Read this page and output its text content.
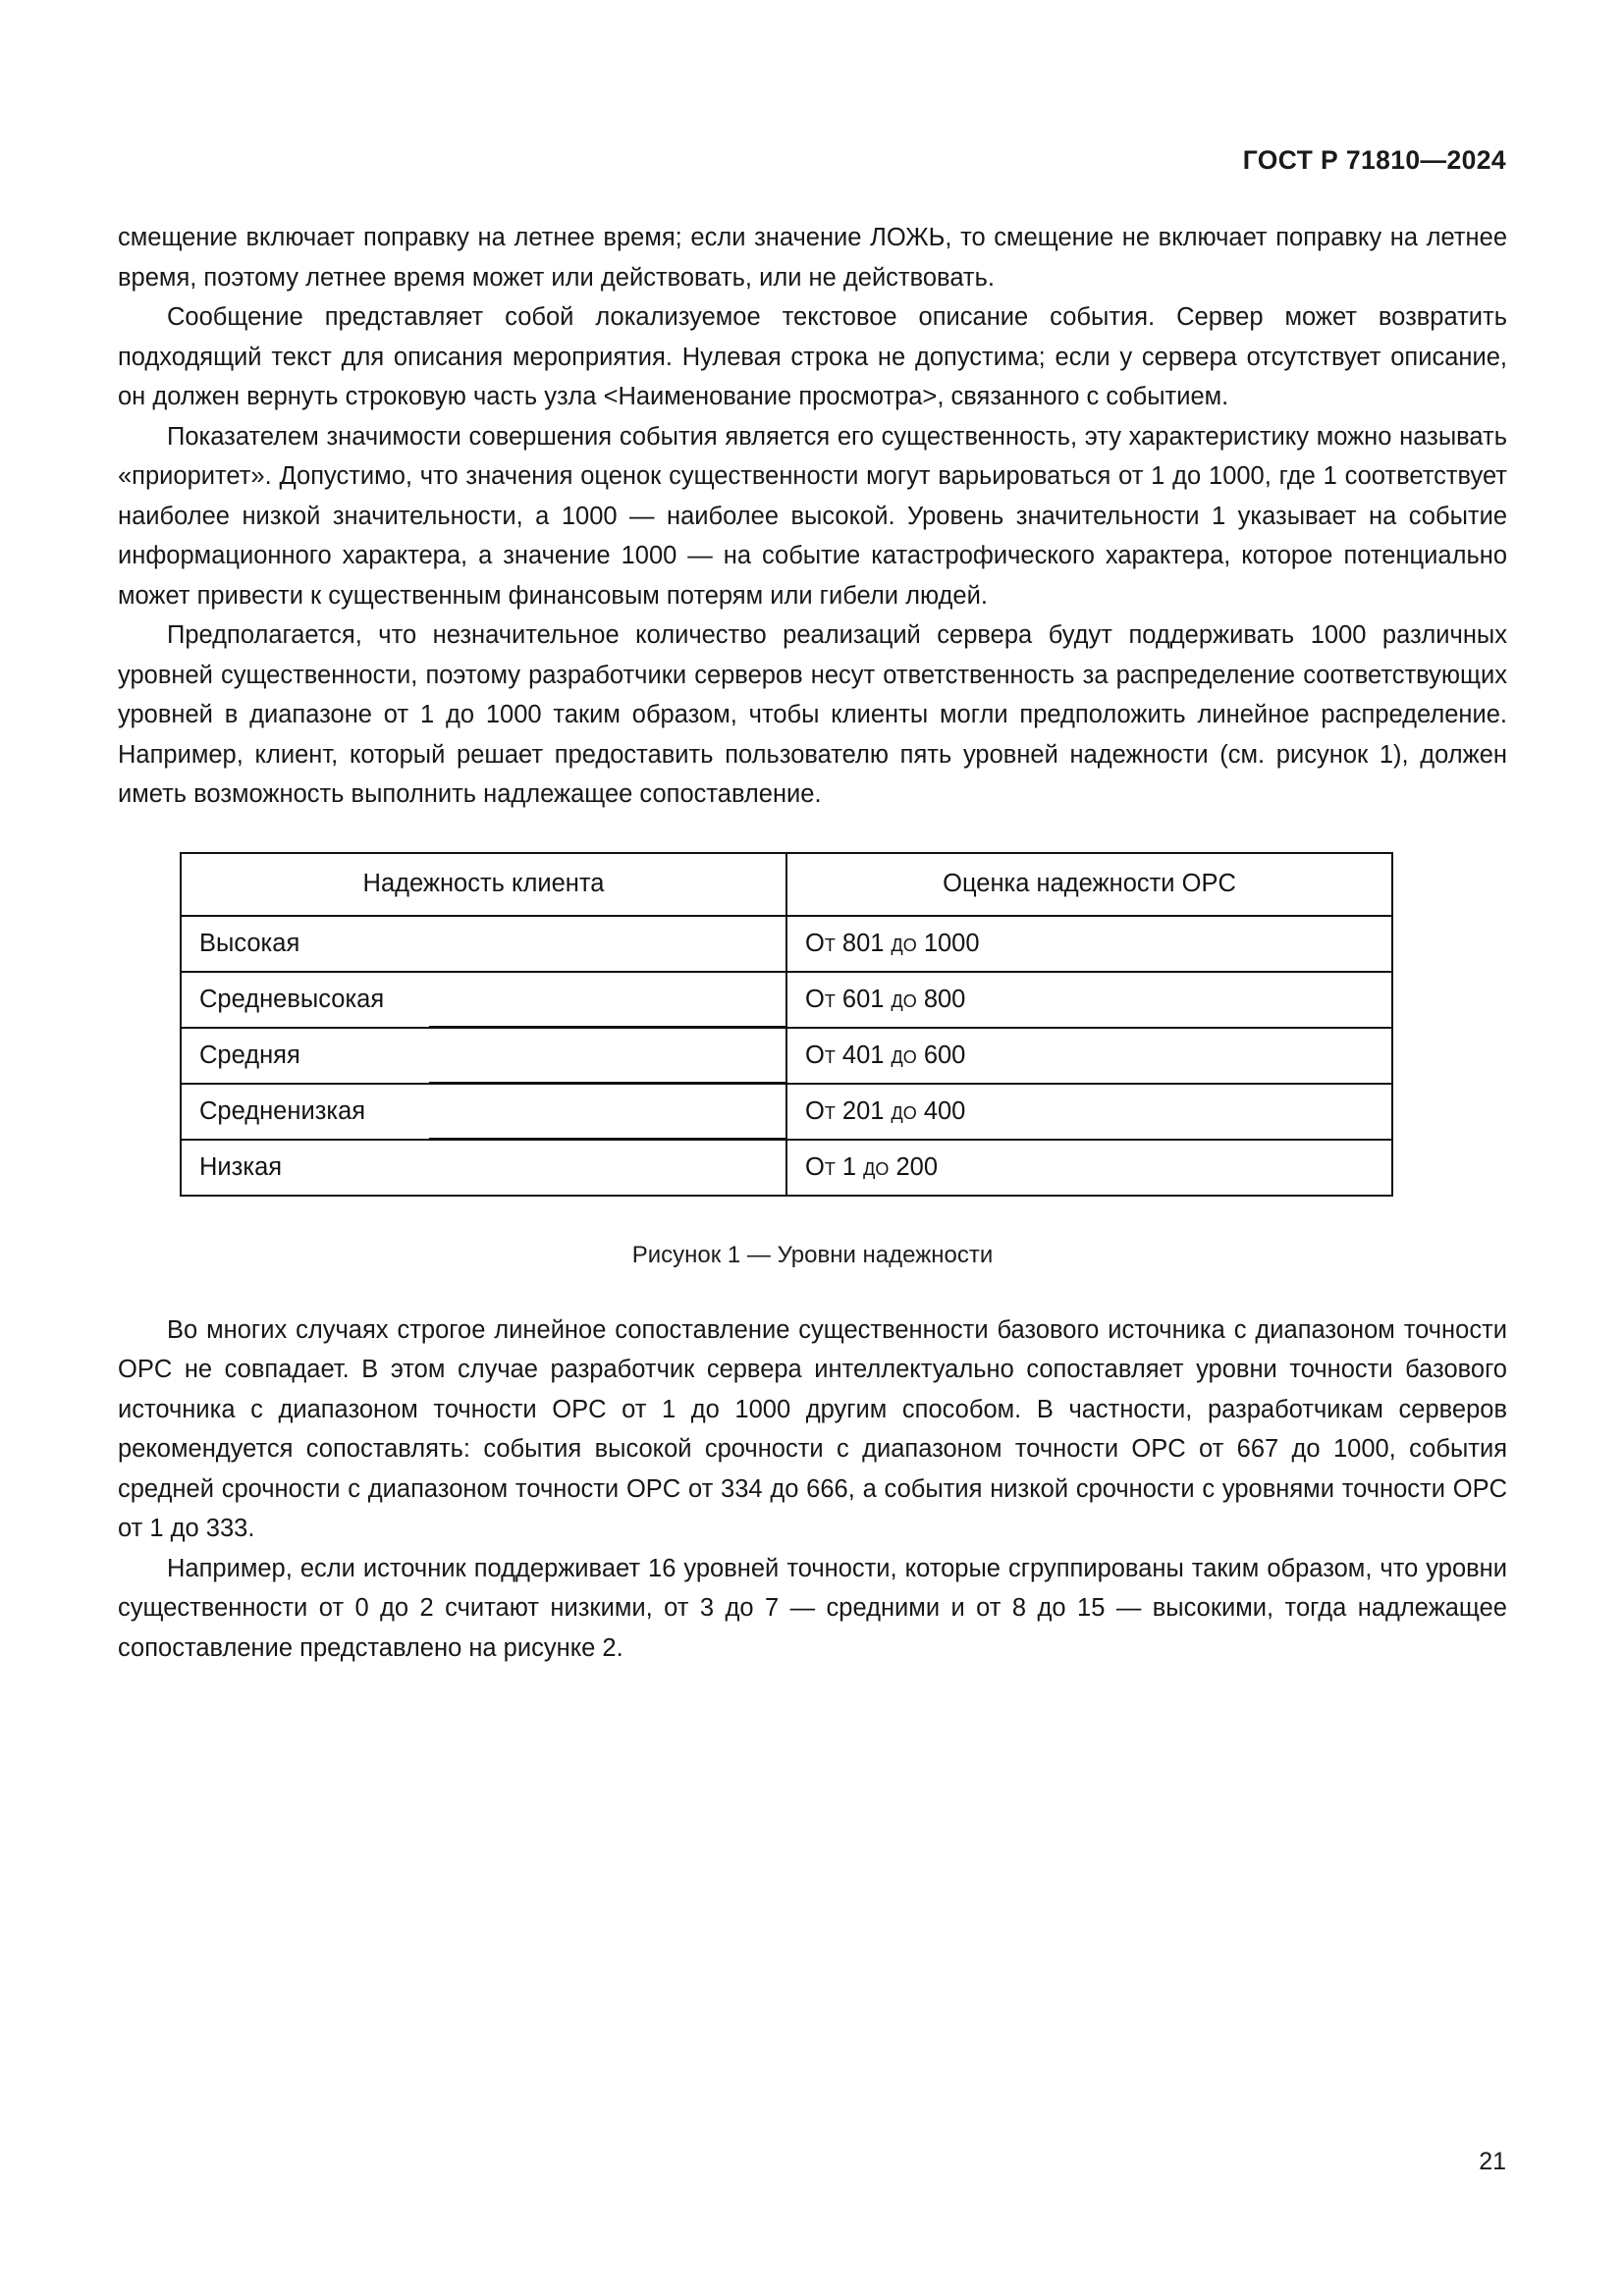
ГОСТ Р 71810—2024

смещение включает поправку на летнее время; если значение ЛОЖЬ, то смещение не включает поправку на летнее время, поэтому летнее время может или действовать, или не действовать.

Сообщение представляет собой локализуемое текстовое описание события. Сервер может возвратить подходящий текст для описания мероприятия. Нулевая строка не допустима; если у сервера отсутствует описание, он должен вернуть строковую часть узла <Наименование просмотра>, связанного с событием.

Показателем значимости совершения события является его существенность, эту характеристику можно называть «приоритет». Допустимо, что значения оценок существенности могут варьироваться от 1 до 1000, где 1 соответствует наиболее низкой значительности, а 1000 — наиболее высокой. Уровень значительности 1 указывает на событие информационного характера, а значение 1000 — на событие катастрофического характера, которое потенциально может привести к существенным финансовым потерям или гибели людей.

Предполагается, что незначительное количество реализаций сервера будут поддерживать 1000 различных уровней существенности, поэтому разработчики серверов несут ответственность за распределение соответствующих уровней в диапазоне от 1 до 1000 таким образом, чтобы клиенты могли предположить линейное распределение. Например, клиент, который решает предоставить пользователю пять уровней надежности (см. рисунок 1), должен иметь возможность выполнить надлежащее сопоставление.

Надежность клиента	Оценка надежности OPC
Высокая	От 801 до 1000
Средневысокая	От 601 до 800
Средняя	От 401 до 600
Средненизкая	От 201 до 400
Низкая	От 1 до 200
Рисунок 1 — Уровни надежности

Во многих случаях строгое линейное сопоставление существенности базового источника с диапазоном точности OPC не совпадает. В этом случае разработчик сервера интеллектуально сопоставляет уровни точности базового источника с диапазоном точности OPC от 1 до 1000 другим способом. В частности, разработчикам серверов рекомендуется сопоставлять: события высокой срочности с диапазоном точности OPC от 667 до 1000, события средней срочности с диапазоном точности OPC от 334 до 666, а события низкой срочности с уровнями точности OPC от 1 до 333.

Например, если источник поддерживает 16 уровней точности, которые сгруппированы таким образом, что уровни существенности от 0 до 2 считают низкими, от 3 до 7 — средними и от 8 до 15 — высокими, тогда надлежащее сопоставление представлено на рисунке 2.

21
